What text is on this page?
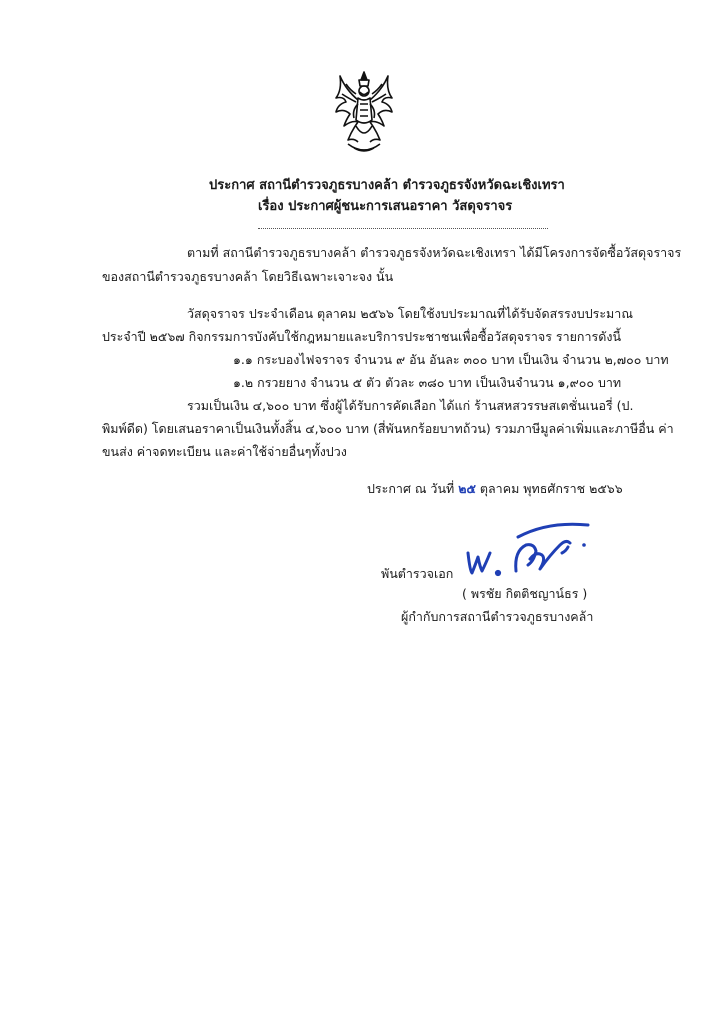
ประกาศ สถานีตำรวจภูธรบางคล้า ตำรวจภูธรจังหวัดฉะเชิงเทรา
เรื่อง ประกาศผู้ชนะการเสนอราคา วัสดุจราจร
ตามที่ สถานีตำรวจภูธรบางคล้า ตำรวจภูธรจังหวัดฉะเชิงเทรา ได้มีโครงการจัดซื้อวัสดุจราจร
ของสถานีตำรวจภูธรบางคล้า โดยวิธีเฉพาะเจาะจง นั้น
วัสดุจราจร ประจำเดือน ตุลาคม ๒๕๖๖ โดยใช้งบประมาณที่ได้รับจัดสรรงบประมาณ
ประจำปี ๒๕๖๗ กิจกรรมการบังคับใช้กฎหมายและบริการประชาชนเพื่อซื้อวัสดุจราจร รายการดังนี้
๑.๑ กระบองไฟจราจร จำนวน ๙ อัน อันละ ๓๐๐ บาท เป็นเงิน จำนวน ๒,๗๐๐ บาท
๑.๒ กรวยยาง จำนวน ๕ ตัว ตัวละ ๓๘๐ บาท เป็นเงินจำนวน ๑,๙๐๐ บาท
รวมเป็นเงิน ๔,๖๐๐ บาท ซึ่งผู้ได้รับการคัดเลือก ได้แก่ ร้านสหสวรรษสเตชั่นเนอรี่ (ป.
พิมพ์ดีด) โดยเสนอราคาเป็นเงินทั้งสิ้น ๔,๖๐๐ บาท (สี่พันหกร้อยบาทถ้วน) รวมภาษีมูลค่าเพิ่มและภาษีอื่น ค่า
ขนส่ง ค่าจดทะเบียน และค่าใช้จ่ายอื่นๆทั้งปวง
ประกาศ ณ วันที่ ๒๕ ตุลาคม พุทธศักราช ๒๕๖๖
พันตำรวจเอก
( พรชัย กิตติชญาน์ธร )
ผู้กำกับการสถานีตำรวจภูธรบางคล้า
